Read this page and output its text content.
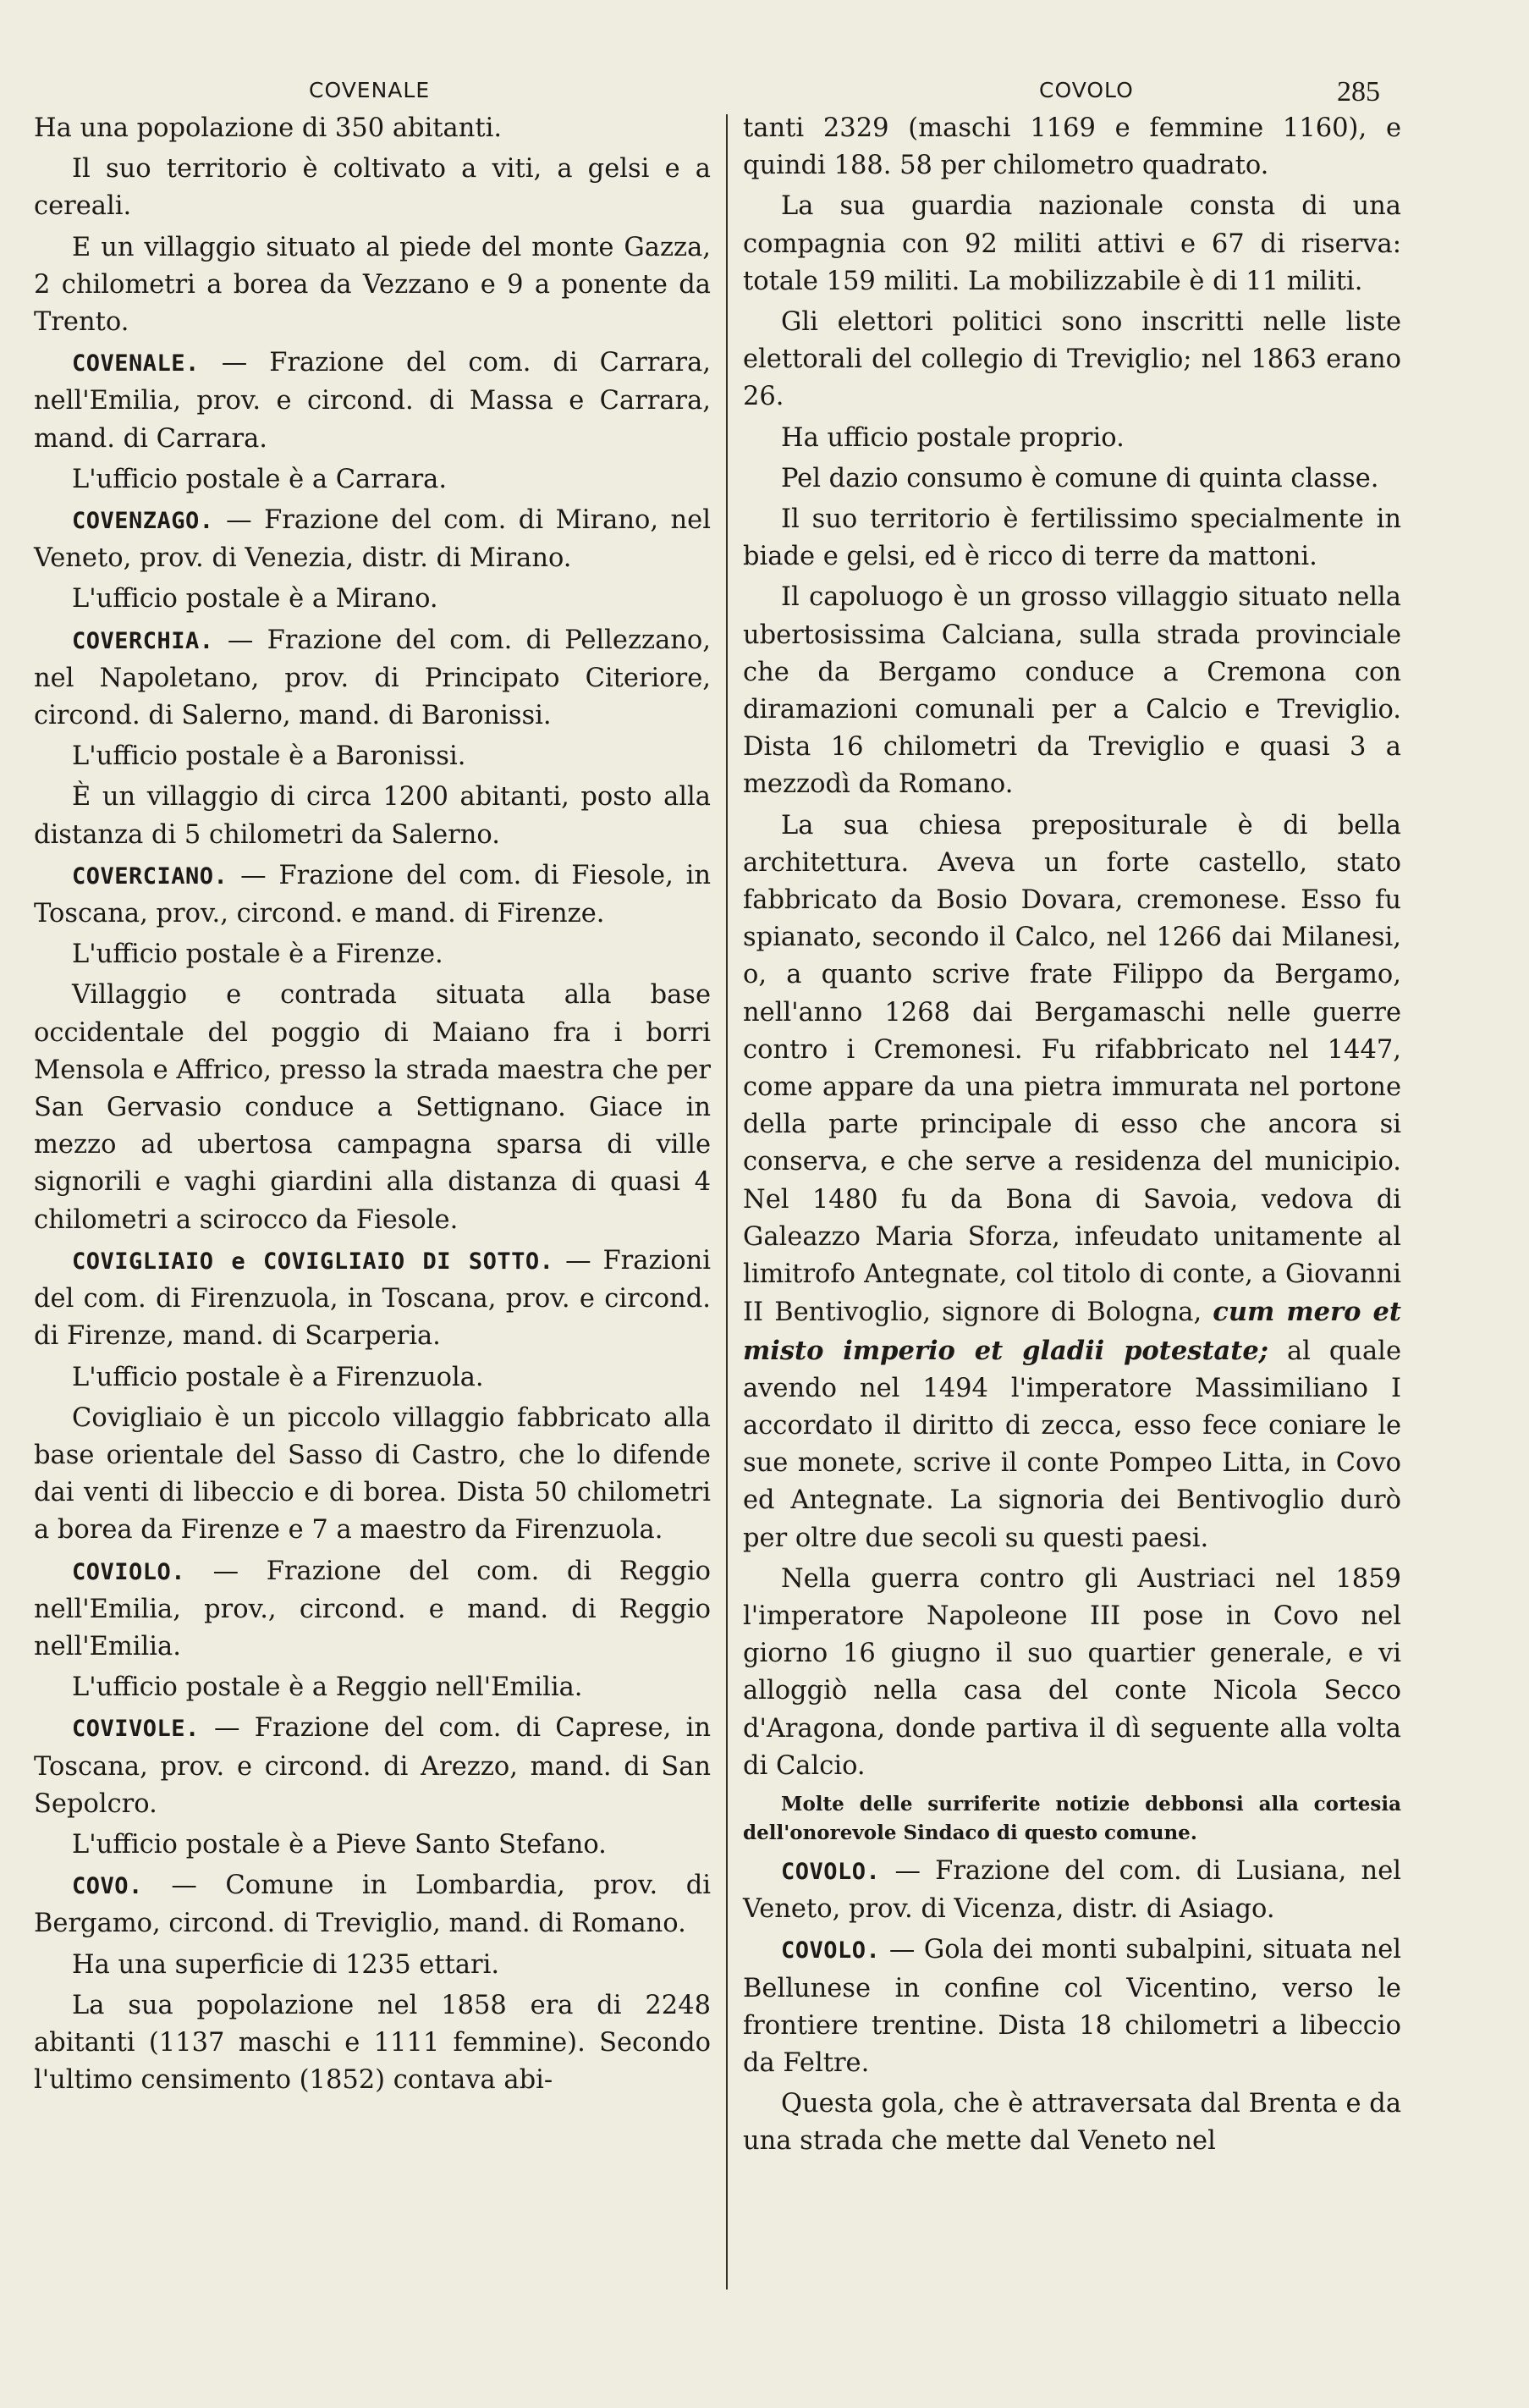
COVENALE	COVOLO	285

Ha una popolazione di 350 abitanti.

Il suo territorio è coltivato a viti, a gelsi e a cereali.

E un villaggio situato al piede del monte Gazza, 2 chilometri a borea da Vezzano e 9 a ponente da Trento.

COVENALE. — Frazione del com. di Carrara, nell'Emilia, prov. e circond. di Massa e Carrara, mand. di Carrara.

L'ufficio postale è a Carrara.

COVENZAGO. — Frazione del com. di Mirano, nel Veneto, prov. di Venezia, distr. di Mirano.

L'ufficio postale è a Mirano.

COVERCHIA. — Frazione del com. di Pellezzano, nel Napoletano, prov. di Principato Citeriore, circond. di Salerno, mand. di Baronissi.

L'ufficio postale è a Baronissi.

È un villaggio di circa 1200 abitanti, posto alla distanza di 5 chilometri da Salerno.

COVERCIANO. — Frazione del com. di Fiesole, in Toscana, prov., circond. e mand. di Firenze.

L'ufficio postale è a Firenze.

Villaggio e contrada situata alla base occidentale del poggio di Maiano fra i borri Mensola e Affrico, presso la strada maestra che per San Gervasio conduce a Settignano. Giace in mezzo ad ubertosa campagna sparsa di ville signorili e vaghi giardini alla distanza di quasi 4 chilometri a scirocco da Fiesole.

COVIGLIAIO e COVIGLIAIO DI SOTTO. — Frazioni del com. di Firenzuola, in Toscana, prov. e circond. di Firenze, mand. di Scarperia.

L'ufficio postale è a Firenzuola.

Covigliaio è un piccolo villaggio fabbricato alla base orientale del Sasso di Castro, che lo difende dai venti di libeccio e di borea. Dista 50 chilometri a borea da Firenze e 7 a maestro da Firenzuola.

COVIOLO. — Frazione del com. di Reggio nell'Emilia, prov., circond. e mand. di Reggio nell'Emilia.

L'ufficio postale è a Reggio nell'Emilia.

COVIVOLE. — Frazione del com. di Caprese, in Toscana, prov. e circond. di Arezzo, mand. di San Sepolcro.

L'ufficio postale è a Pieve Santo Stefano.

COVO. — Comune in Lombardia, prov. di Bergamo, circond. di Treviglio, mand. di Romano.

Ha una superficie di 1235 ettari.

La sua popolazione nel 1858 era di 2248 abitanti (1137 maschi e 1111 femmine). Secondo l'ultimo censimento (1852) contava abi-

tanti 2329 (maschi 1169 e femmine 1160), e quindi 188. 58 per chilometro quadrato.

La sua guardia nazionale consta di una compagnia con 92 militi attivi e 67 di riserva: totale 159 militi. La mobilizzabile è di 11 militi.

Gli elettori politici sono inscritti nelle liste elettorali del collegio di Treviglio; nel 1863 erano 26.

Ha ufficio postale proprio.

Pel dazio consumo è comune di quinta classe.

Il suo territorio è fertilissimo specialmente in biade e gelsi, ed è ricco di terre da mattoni.

Il capoluogo è un grosso villaggio situato nella ubertosissima Calciana, sulla strada provinciale che da Bergamo conduce a Cremona con diramazioni comunali per a Calcio e Treviglio. Dista 16 chilometri da Treviglio e quasi 3 a mezzodì da Romano.

La sua chiesa prepositurale è di bella architettura. Aveva un forte castello, stato fabbricato da Bosio Dovara, cremonese. Esso fu spianato, secondo il Calco, nel 1266 dai Milanesi, o, a quanto scrive frate Filippo da Bergamo, nell'anno 1268 dai Bergamaschi nelle guerre contro i Cremonesi. Fu rifabbricato nel 1447, come appare da una pietra immurata nel portone della parte principale di esso che ancora si conserva, e che serve a residenza del municipio. Nel 1480 fu da Bona di Savoia, vedova di Galeazzo Maria Sforza, infeudato unitamente al limitrofo Antegnate, col titolo di conte, a Giovanni II Bentivoglio, signore di Bologna, cum mero et misto imperio et gladii potestate; al quale avendo nel 1494 l'imperatore Massimiliano I accordato il diritto di zecca, esso fece coniare le sue monete, scrive il conte Pompeo Litta, in Covo ed Antegnate. La signoria dei Bentivoglio durò per oltre due secoli su questi paesi.

Nella guerra contro gli Austriaci nel 1859 l'imperatore Napoleone III pose in Covo nel giorno 16 giugno il suo quartier generale, e vi alloggiò nella casa del conte Nicola Secco d'Aragona, donde partiva il dì seguente alla volta di Calcio.

Molte delle surriferite notizie debbonsi alla cortesia dell'onorevole Sindaco di questo comune.

COVOLO. — Frazione del com. di Lusiana, nel Veneto, prov. di Vicenza, distr. di Asiago.

COVOLO. — Gola dei monti subalpini, situata nel Bellunese in confine col Vicentino, verso le frontiere trentine. Dista 18 chilometri a libeccio da Feltre.

Questa gola, che è attraversata dal Brenta e da una strada che mette dal Veneto nel
